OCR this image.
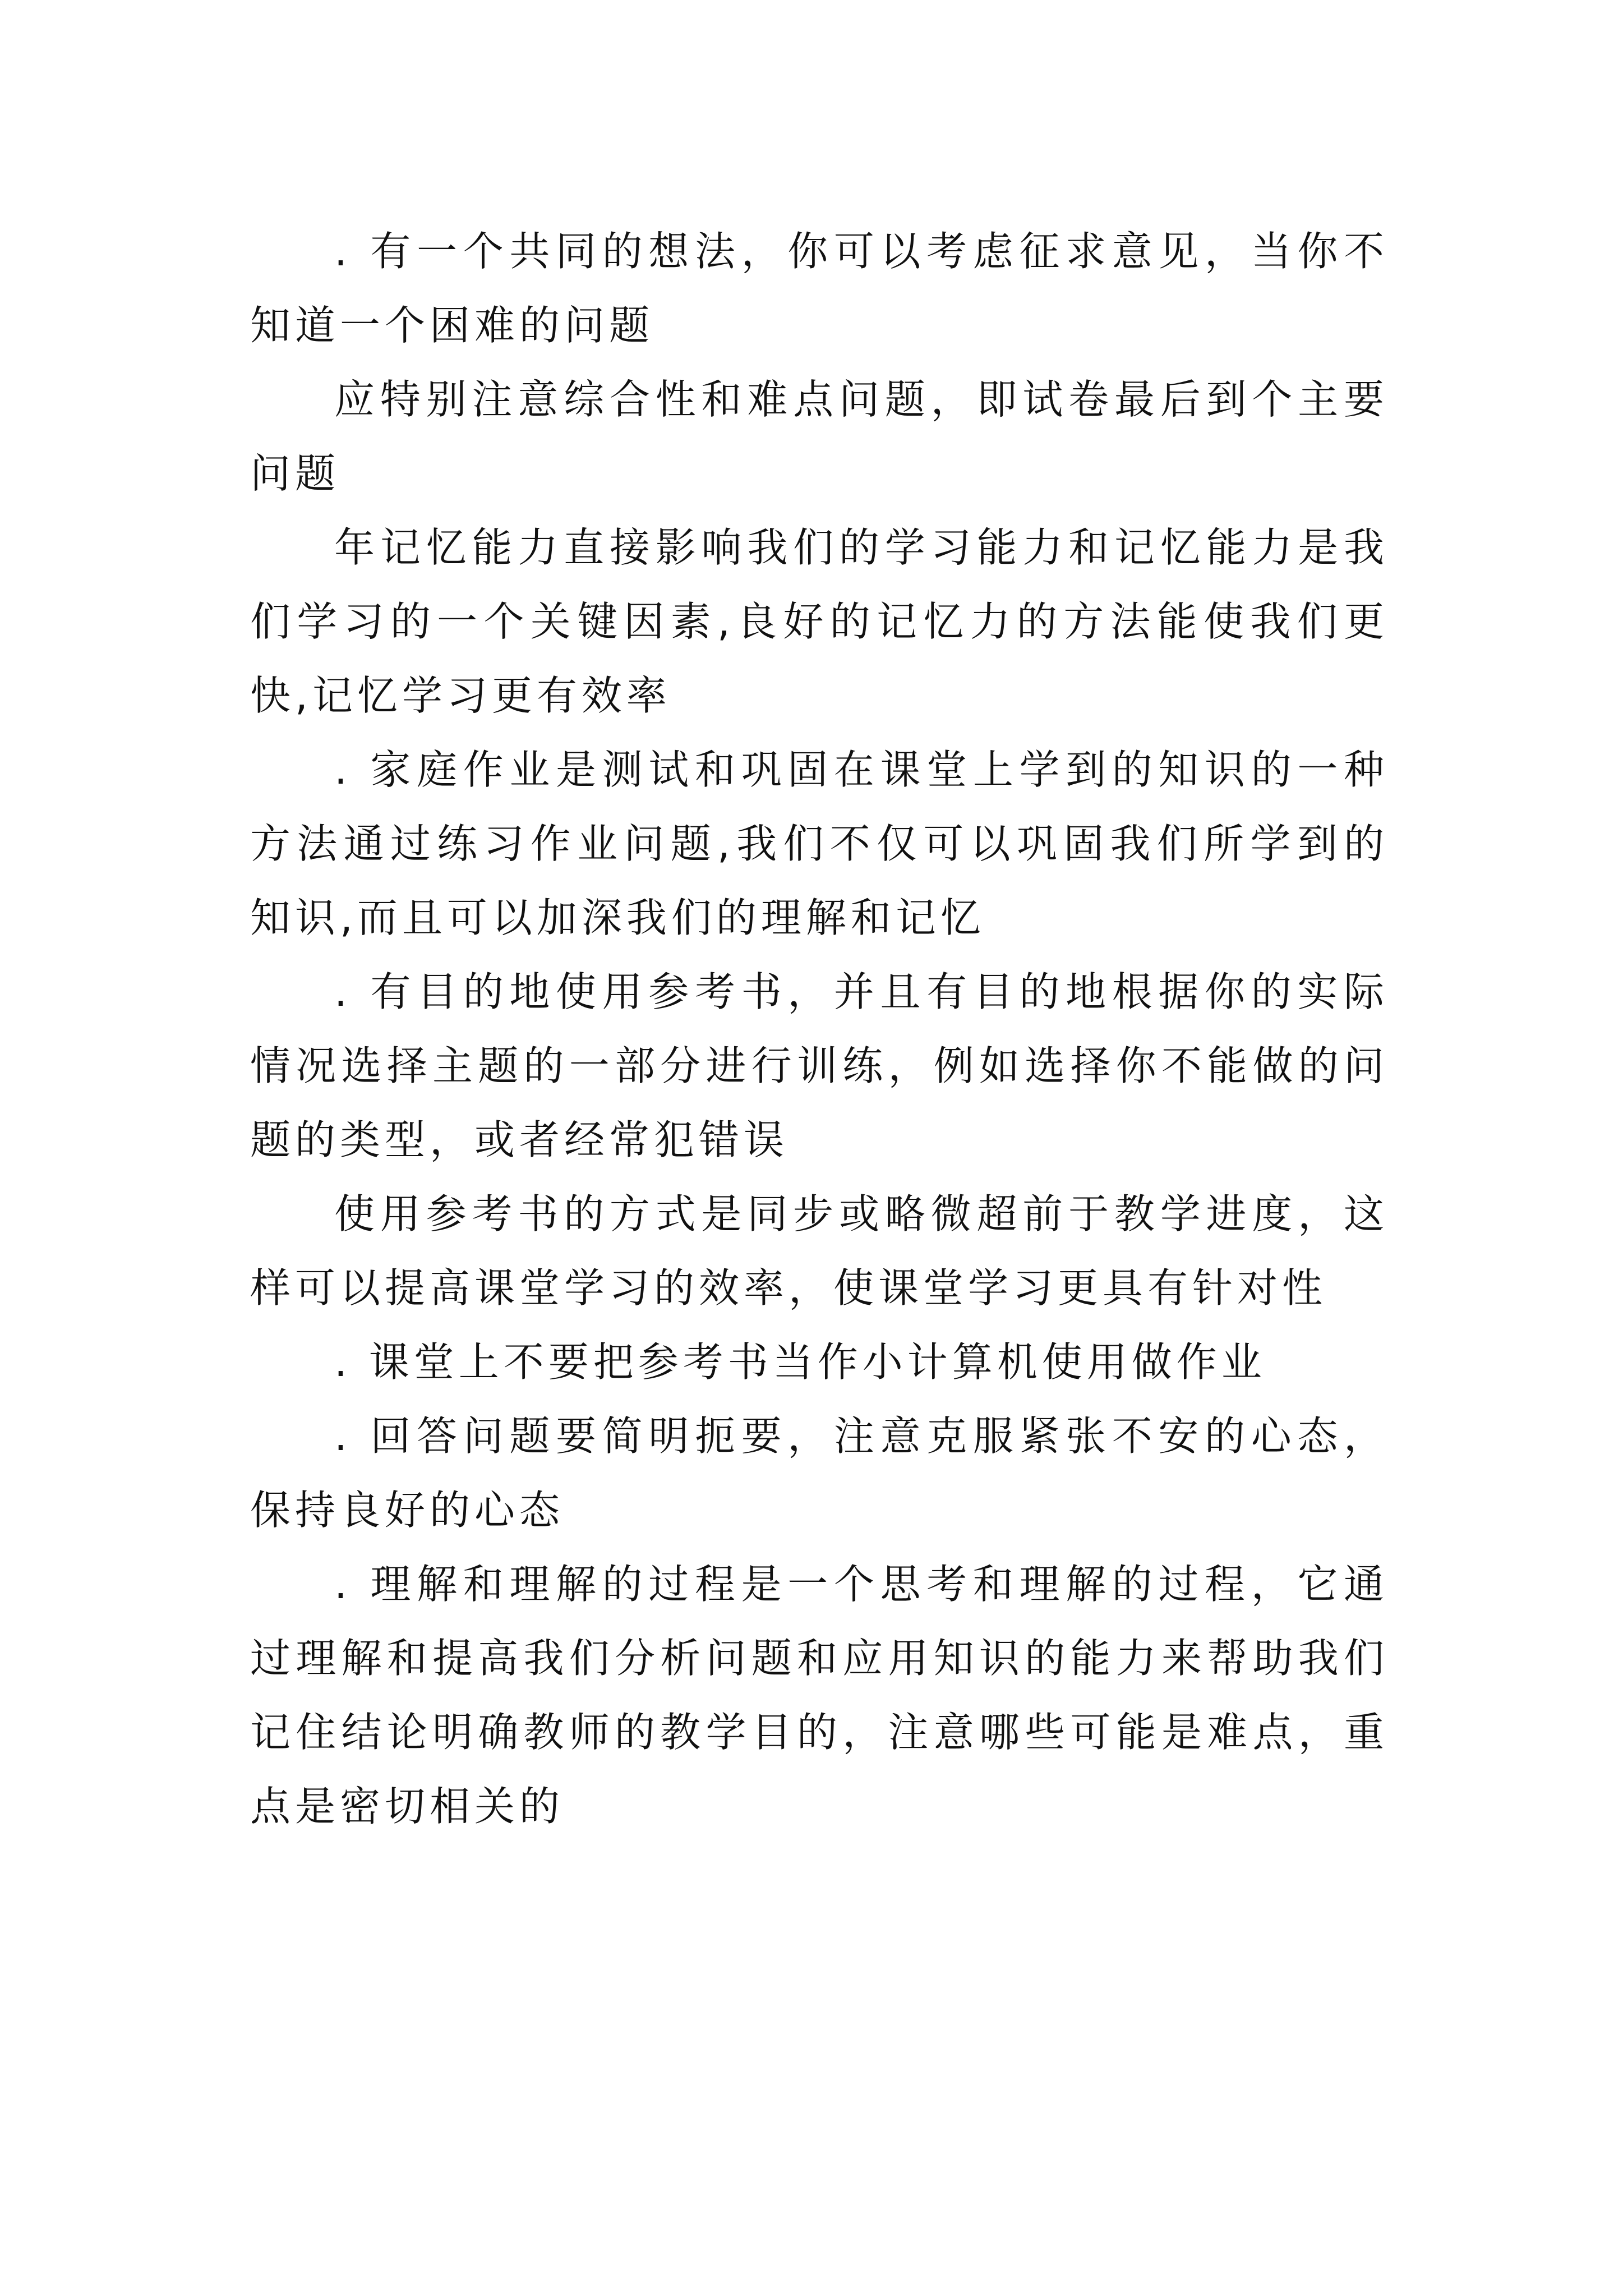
. 有一个共同的想法，你可以考虑征求意见，当你不知道一个困难的问题

应特别注意综合性和难点问题，即试卷最后到个主要问题

年记忆能力直接影响我们的学习能力和记忆能力是我们学习的一个关键因素,良好的记忆力的方法能使我们更快,记忆学习更有效率

. 家庭作业是测试和巩固在课堂上学到的知识的一种方法通过练习作业问题,我们不仅可以巩固我们所学到的知识,而且可以加深我们的理解和记忆

. 有目的地使用参考书，并且有目的地根据你的实际情况选择主题的一部分进行训练，例如选择你不能做的问题的类型，或者经常犯错误

使用参考书的方式是同步或略微超前于教学进度，这样可以提高课堂学习的效率，使课堂学习更具有针对性

. 课堂上不要把参考书当作小计算机使用做作业

. 回答问题要简明扼要，注意克服紧张不安的心态，保持良好的心态

. 理解和理解的过程是一个思考和理解的过程，它通过理解和提高我们分析问题和应用知识的能力来帮助我们记住结论明确教师的教学目的，注意哪些可能是难点，重点是密切相关的
